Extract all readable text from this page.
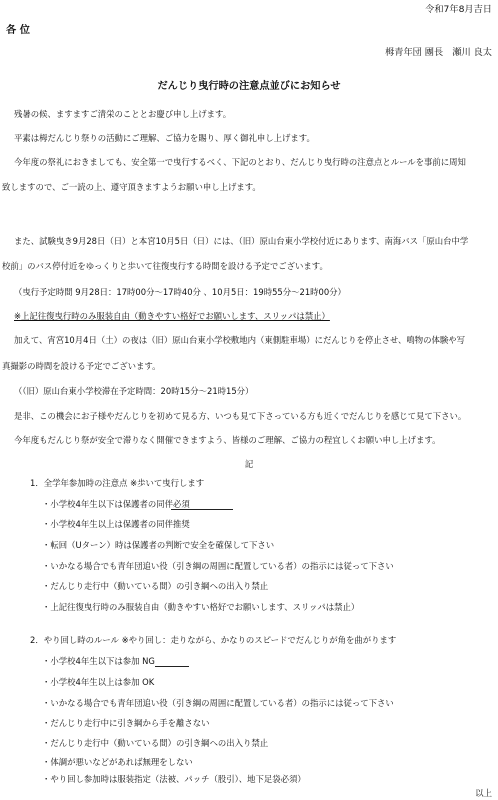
令和7年8月吉日
各 位
栂青年団 團長　瀬川 良太
だんじり曳行時の注意点並びにお知らせ
残暑の候、ますますご清栄のこととお慶び申し上げます。
平素は栂だんじり祭りの活動にご理解、ご協力を賜り、厚く御礼申し上げます。
今年度の祭礼におきましても、安全第一で曳行するべく、下記のとおり、だんじり曳行時の注意点とルールを事前に周知
致しますので、ご一読の上、遵守頂きますようお願い申し上げます。
また、試験曳き9月28日（日）と本宮10月5日（日）には、（旧）原山台東小学校付近にあります、南海バス「原山台中学
校前」のバス停付近をゆっくりと歩いて往復曳行する時間を設ける予定でございます。
（曳行予定時間 9月28日：17時00分～17時40分 、10月5日：19時55分～21時00分）
※上記往復曳行時のみ服装自由（動きやすい格好でお願いします、スリッパは禁止）
加えて、宵宮10月4日（土）の夜は（旧）原山台東小学校敷地内（東側駐車場）にだんじりを停止させ、鳴物の体験や写
真撮影の時間を設ける予定でございます。
（（旧）原山台東小学校滞在予定時間：20時15分～21時15分）
是非、この機会にお子様やだんじりを初めて見る方、いつも見て下さっている方も近くでだんじりを感じて見て下さい。
今年度もだんじり祭が安全で滞りなく開催できますよう、皆様のご理解、ご協力の程宜しくお願い申し上げます。
記
1．全学年参加時の注意点 ※歩いて曳行します
・小学校4年生以下は保護者の同伴必須
・小学校4年生以上は保護者の同伴推奨
・転回（Uターン）時は保護者の判断で安全を確保して下さい
・いかなる場合でも青年団追い役（引き綱の周囲に配置している者）の指示には従って下さい
・だんじり走行中（動いている間）の引き綱への出入り禁止
・上記往復曳行時のみ服装自由（動きやすい格好でお願いします、スリッパは禁止）
2．やり回し時のルール ※やり回し：走りながら、かなりのスピードでだんじりが角を曲がります
・小学校4年生以下は参加 NG
・小学校4年生以上は参加 OK
・いかなる場合でも青年団追い役（引き綱の周囲に配置している者）の指示には従って下さい
・だんじり走行中に引き綱から手を離さない
・だんじり走行中（動いている間）の引き綱への出入り禁止
・体調が悪いなどがあれば無理をしない
・やり回し参加時は服装指定（法被、パッチ（股引）、地下足袋必須）
以上
